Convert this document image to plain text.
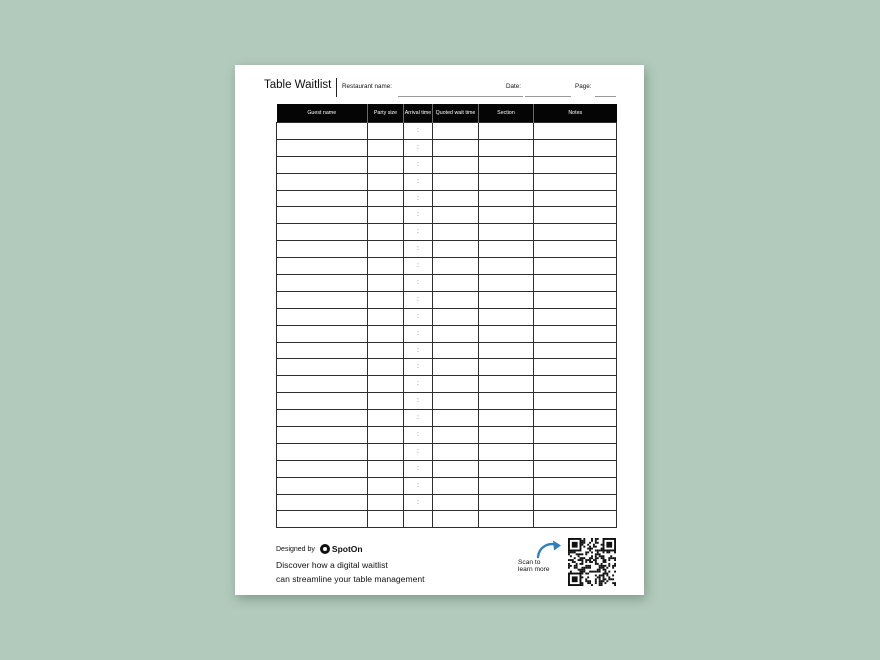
Table Waitlist Restaurant name:	Date:	Page:
Guest name	Party size	Arrival time	Quoted wait time	Section	Notes
		:			
		:			
		:			
		:			
		:			
		:			
		:			
		:			
		:			
		:			
		:			
		:			
		:			
		:			
		:			
		:			
		:			
		:			
		:			
		:			
		:			
		:			
		:			

Designed by SpotOn
Discover how a digital waitlist
can streamline your table management
Scan to
learn more
